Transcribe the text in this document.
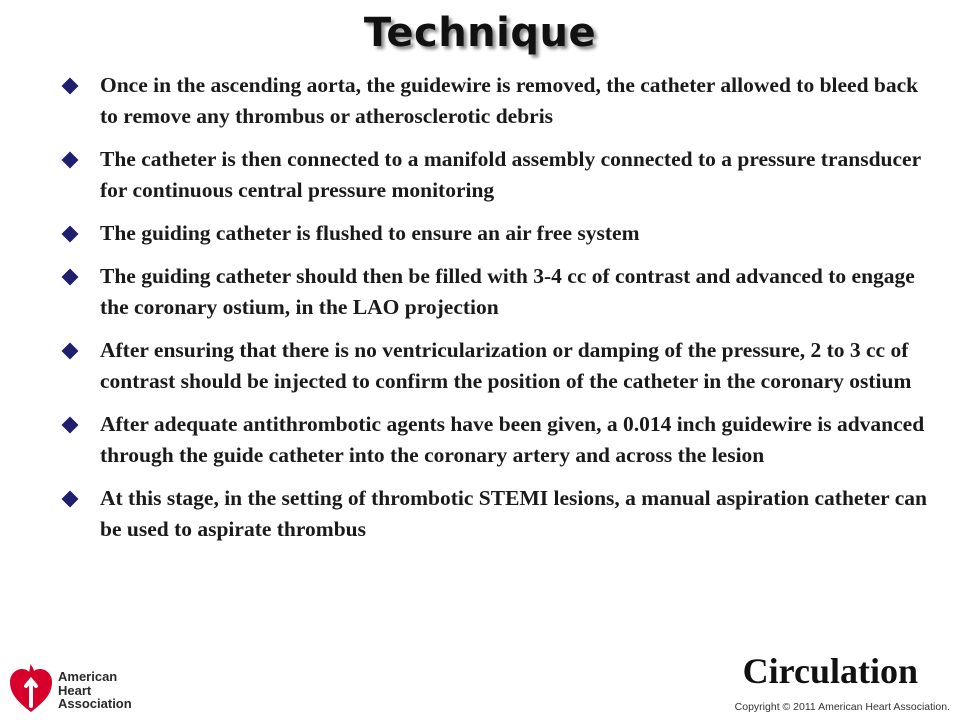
Technique
Once in the ascending aorta, the guidewire is removed, the catheter allowed to bleed back to remove any thrombus or atherosclerotic debris
The catheter is then connected to a manifold assembly connected to a pressure transducer for continuous central pressure monitoring
The guiding catheter is flushed to ensure an air free system
The guiding catheter should then be filled with 3-4 cc of contrast and advanced to engage the coronary ostium, in the LAO projection
After ensuring that there is no ventricularization or damping of the pressure, 2 to 3 cc of contrast should be injected to confirm the position of the catheter in the coronary ostium
After adequate antithrombotic agents have been given, a 0.014 inch guidewire is advanced through the guide catheter into the coronary artery and across the lesion
At this stage, in the setting of thrombotic STEMI lesions, a manual aspiration catheter can be used to aspirate thrombus
American
Heart
Association
Circulation
Copyright © 2011 American Heart Association.
